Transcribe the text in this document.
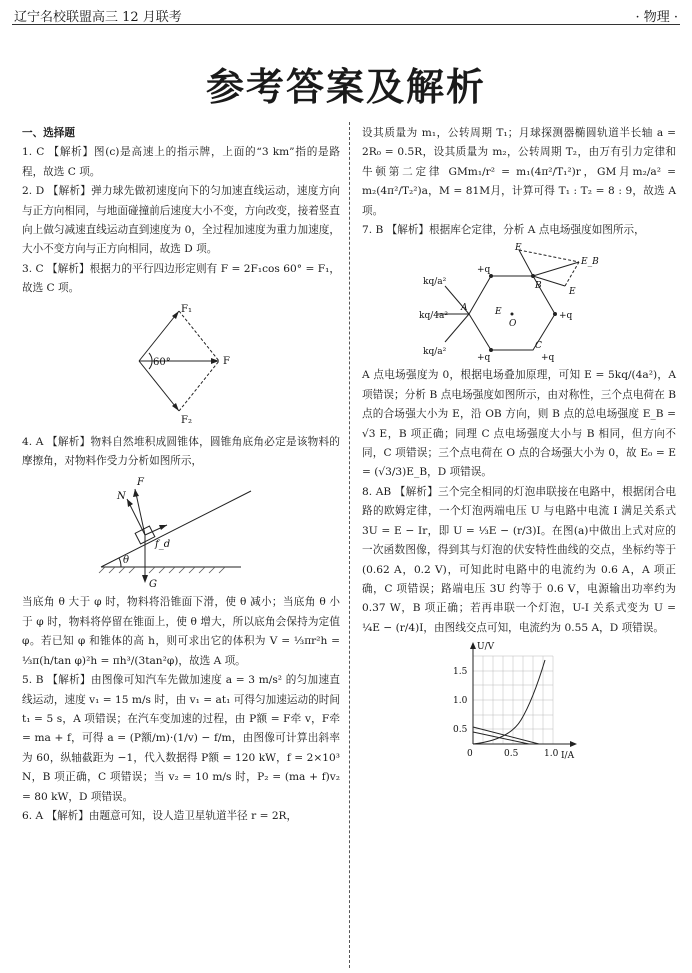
辽宁名校联盟高三 12 月联考	· 物理 ·
参考答案及解析

一、选择题

1. C 【解析】图(c)是高速上的指示牌，上面的“3 km”指的是路程，故选 C 项。

2. D 【解析】弹力球先做初速度向下的匀加速直线运动，速度方向与正方向相同，与地面碰撞前后速度大小不变，方向改变，接着竖直向上做匀减速直线运动直到速度为 0，全过程加速度为重力加速度，大小不变方向与正方向相同，故选 D 项。

3. C 【解析】根据力的平行四边形定则有 F = 2F₁cos 60° = F₁，故选 C 项。

F₁
60°	F
F₂

4. A 【解析】物料自然堆积成圆锥体，圆锥角底角必定是该物料的摩擦角，对物料作受力分析如图所示，

F
N
f_d
θ
G

当底角 θ 大于 φ 时，物料将沿锥面下滑，使 θ 减小；当底角 θ 小于 φ 时，物料将停留在锥面上，使 θ 增大，所以底角会保持为定值 φ。若已知 φ 和锥体的高 h，则可求出它的体积为 V = ⅓πr²h = ⅓π(h/tan φ)²h = πh³/(3tan²φ)，故选 A 项。

5. B 【解析】由图像可知汽车先做加速度 a = 3 m/s² 的匀加速直线运动，速度 v₁ = 15 m/s 时，由 v₁ = at₁ 可得匀加速运动的时间 t₁ = 5 s，A 项错误；在汽车变加速的过程，由 P额 = F牵 v，F牵 = ma + f，可得 a = (P额/m)·(1/v) − f/m，由图像可计算出斜率为 60，纵轴截距为 −1，代入数据得 P额 = 120 kW，f = 2×10³ N，B 项正确，C 项错误；当 v₂ = 10 m/s 时，P₂ = (ma + f)v₂ = 80 kW，D 项错误。

6. A 【解析】由题意可知，设人造卫星轨道半径 r = 2R，

设其质量为 m₁，公转周期 T₁；月球探测器椭圆轨道半长轴 a = 2R₀ = 0.5R，设其质量为 m₂，公转周期 T₂，由万有引力定律和牛顿第二定律 GMm₁/r² = m₁(4π²/T₁²)r，GM月m₂/a² = m₂(4π²/T₂²)a，M = 81M月，计算可得 T₁ : T₂ = 8 : 9，故选 A 项。

7. B 【解析】根据库仑定律，分析 A 点电场强度如图所示，

kq/a²
kq/4a²
kq/a²
+q
+q
+q	+q
A
B
C
O
E
E
E_B
E

A 点电场强度为 0，根据电场叠加原理，可知 E = 5kq/(4a²)，A 项错误；分析 B 点电场强度如图所示，由对称性，三个点电荷在 B 点的合场强大小为 E，沿 OB 方向，则 B 点的总电场强度 E_B = √3 E，B 项正确；同理 C 点电场强度大小与 B 相同，但方向不同，C 项错误；三个点电荷在 O 点的合场强大小为 0，故 E₀ = E = (√3/3)E_B，D 项错误。

8. AB 【解析】三个完全相同的灯泡串联接在电路中，根据闭合电路的欧姆定律，一个灯泡两端电压 U 与电路中电流 I 满足关系式 3U = E − Ir，即 U = ⅓E − (r/3)I。在图(a)中做出上式对应的一次函数图像，得到其与灯泡的伏安特性曲线的交点，坐标约等于 (0.62 A，0.2 V)，可知此时电路中的电流约为 0.6 A，A 项正确，C 项错误；路端电压 3U 约等于 0.6 V，电源输出功率约为 0.37 W，B 项正确；若再串联一个灯泡，U-I 关系式变为 U = ¼E − (r/4)I，由图线交点可知，电流约为 0.55 A，D 项错误。

U/V
I/A
0.5
1.0
1.5
0	0.5	1.0
